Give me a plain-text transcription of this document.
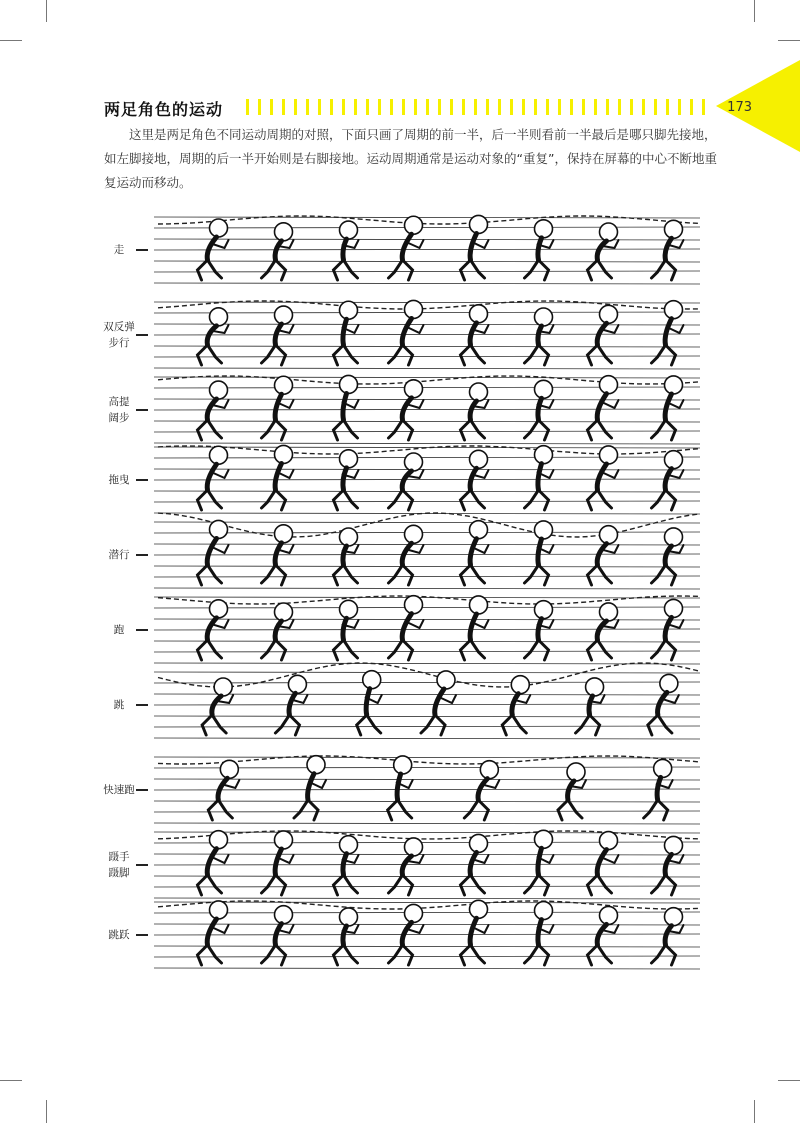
173
两足角色的运动

这里是两足角色不同运动周期的对照，下面只画了周期的前一半，后一半则看前一半最后是哪只脚先接地，如左脚接地，周期的后一半开始则是右脚接地。运动周期通常是运动对象的“重复”，保持在屏幕的中心不断地重复运动而移动。

走
双反弹
步行
高提
阔步
拖曳
潜行
跑
跳
快速跑
蹑手
蹑脚
跳跃
